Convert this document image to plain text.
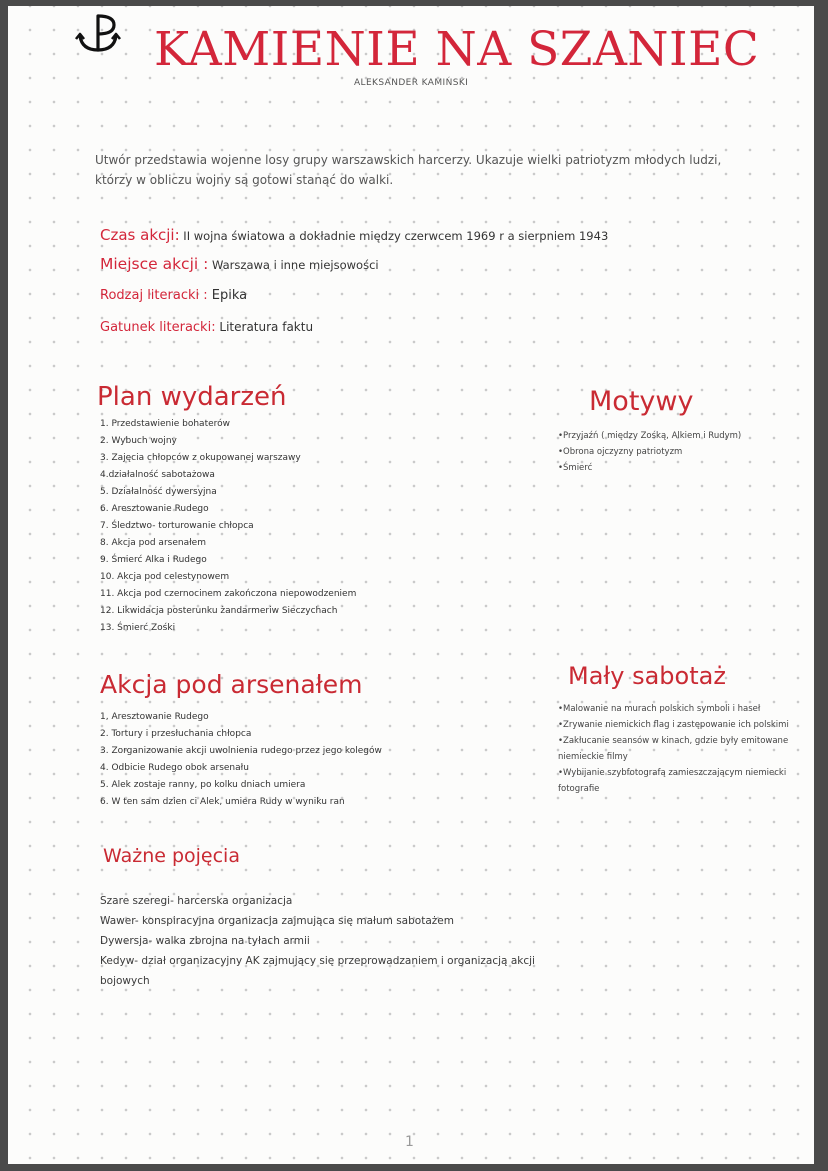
KAMIENIE NA SZANIEC
ALEKSANDER KAMIŃSKI
Utwór przedstawia wojenne losy grupy warszawskich harcerzy. Ukazuje wielki patriotyzm młodych ludzi, którzy w obliczu wojny są gotowi stanąć do walki.
Czas akcji: II wojna światowa a dokładnie między czerwcem 1969 r a sierpniem 1943
Miejsce akcji : Warszawa i inne miejsowości
Rodzaj literacki : Epika
Gatunek literacki: Literatura faktu
Plan wydarzeń
1. Przedstawienie bohaterów
2. Wybuch wojny
3. Zajęcia chłopców z okupowanej warszawy
4.działalność sabotażowa
5. Działalność dywersyjna
6. Aresztowanie Rudego
7. Śledztwo- torturowanie chłopca
8. Akcja pod arsenałem
9. Śmierć Alka i Rudego
10. Akcja pod celestynowem
11. Akcja pod czernocinem zakończona niepowodzeniem
12. Likwidacja posterunku żandarmeriw Sieczychach
13. Śmierć Zośki
Motywy
•Przyjaźń ( między Zośką, Alkiem i Rudym)
•Obrona ojczyzny patriotyzm
•Śmierć
Akcja pod arsenałem
1, Aresztowanie Rudego
2. Tortury i przesłuchania chłopca
3. Zorganizowanie akcji uwolnienia rudego przez jego kolegów
4. Odbicie Rudego obok arsenału
5. Alek zostaje ranny, po kolku dniach umiera
6. W ten sam dzien ci Alek, umiera Rudy w wyniku ran
Mały sabotaż
•Malowanie na murach polskich symboli i haseł
•Zrywanie niemickich flag i zastępowanie ich polskimi
•Zakłucanie seansów w kinach, gdzie były emitowane niemieckie filmy
•Wybijanie szybfotografą zamieszczającym niemiecki fotografie
Ważne pojęcia
Szare szeregi- harcerska organizacja
Wawer- konspiracyjna organizacja zajmująca się małum sabotażem
Dywersja- walka zbrojna na tyłach armii
Kedyw- dział organizacyjny AK zajmujący się przeprowadzaniem i organizacją akcji bojowych
1
